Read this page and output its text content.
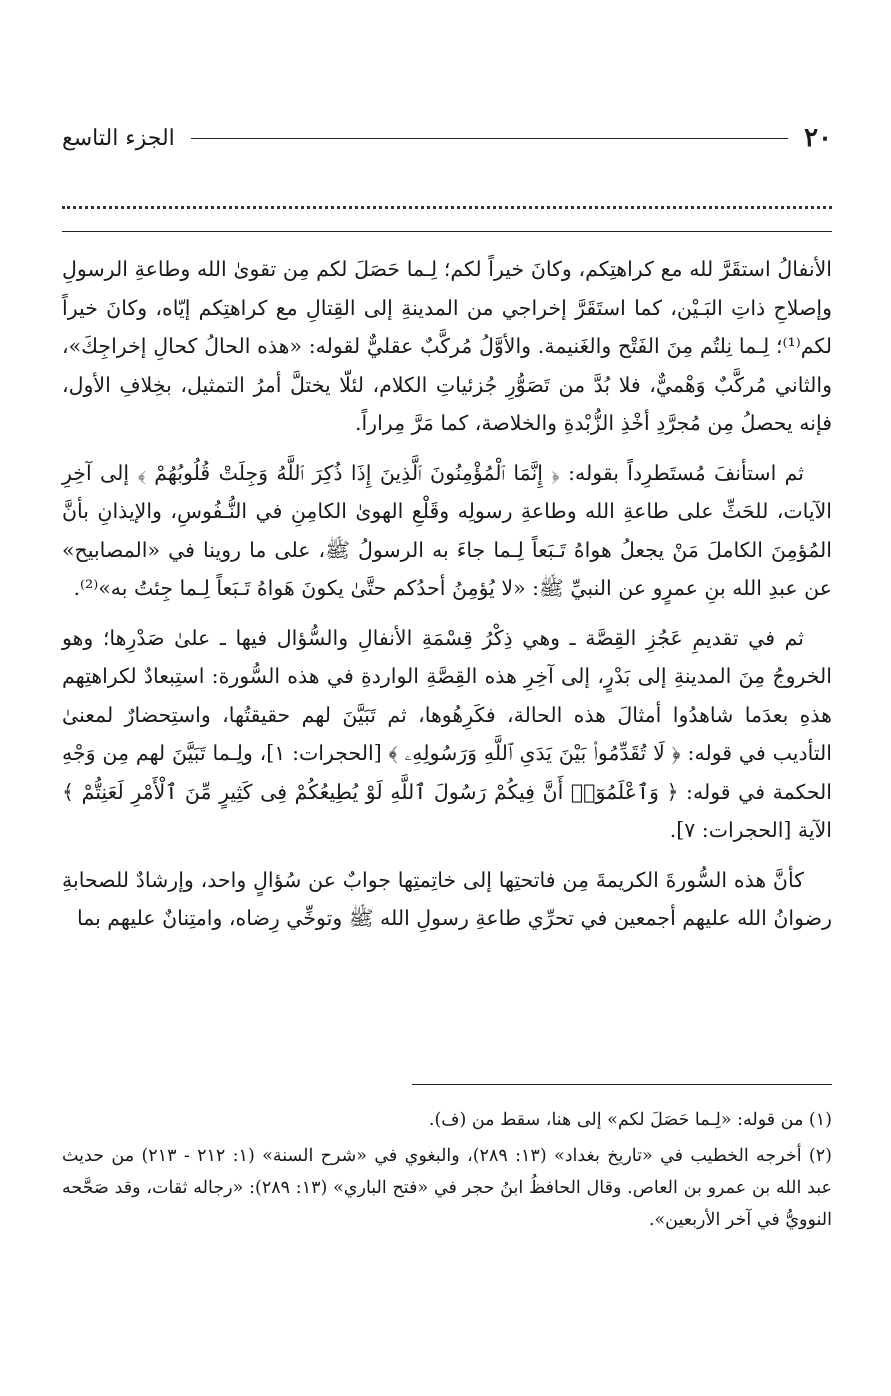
٢٠
الجزء التاسع

الأنفالُ استقَرَّ لله مع كراهتِكم، وكانَ خيراً لكم؛ لِـما حَصَلَ لكم مِن تقوىٰ الله وطاعةِ الرسولِ وإصلاحِ ذاتِ البَـيْن، كما استَقَرَّ إخراجي من المدينةِ إلى القِتالِ مع كراهتِكم إيّاه، وكانَ خيراً لكم⁽¹⁾؛ لِـما نِلتُم مِنَ الفَتْح والغَنيمة. والأوَّلُ مُركَّبٌ عقليٌّ لقوله: «هذه الحالُ كحالِ إخراجِكَ»، والثاني مُركَّبٌ وَهْميٌّ، فلا بُدَّ من تَصَوُّرِ جُزئياتِ الكلام، لئلّا يختلَّ أمرُ التمثيل، بخِلافِ الأول، فإنه يحصلُ مِن مُجرَّدِ أخْذِ الزُّبْدةِ والخلاصة، كما مَرَّ مِراراً.

ثم استأنفَ مُستَطرِداً بقوله: ﴿ إِنَّمَا ٱلْمُؤْمِنُونَ ٱلَّذِينَ إِذَا ذُكِرَ ٱللَّهُ وَجِلَتْ قُلُوبُهُمْ ﴾ إلى آخِرِ الآيات، للحَثِّ على طاعةِ الله وطاعةِ رسولِه وقَلْعِ الهوىٰ الكامِنِ في النُّـفُوسِ، والإيذانِ بأنَّ المُؤمِنَ الكاملَ مَنْ يجعلُ هواهُ تَـبَعاً لِـما جاءَ به الرسولُ ﷺ، على ما روينا في «المصابيح» عن عبدِ الله بنِ عمرٍو عن النبيِّ ﷺ: «لا يُؤمِنُ أحدُكم حتَّىٰ يكونَ هَواهُ تَـبَعاً لِـما جِئتُ به»⁽²⁾.

ثم في تقديمِ عَجُزِ القِصَّة ـ وهي ذِكْرُ قِسْمَةِ الأنفالِ والسُّؤال فيها ـ علىٰ صَدْرِها؛ وهو الخروجُ مِنَ المدينةِ إلى بَدْرٍ، إلى آخِرِ هذه القِصَّةِ الواردةِ في هذه السُّورة: استِبعادٌ لكراهتِهم هذهِ بعدَما شاهدُوا أمثالَ هذه الحالة، فكَرِهُوها، ثم تَبَيَّنَ لهم حقيقتُها، واستِحضارٌ لمعنىٰ التأديب في قوله: ﴿ لَا تُقَدِّمُوا۟ بَيْنَ يَدَىِ ٱللَّهِ وَرَسُولِهِۦ ﴾ [الحجرات: ١]، ولِـما تَبَيَّنَ لهم مِن وَجْهِ الحكمة في قوله: ﴿ وَٱعْلَمُوٓا۟ أَنَّ فِيكُمْ رَسُولَ ٱللَّهِ لَوْ يُطِيعُكُمْ فِى كَثِيرٍ مِّنَ ٱلْأَمْرِ لَعَنِتُّمْ ﴾ الآية [الحجرات: ٧].

كأنَّ هذه السُّورةَ الكريمةَ مِن فاتحتِها إلى خاتِمتِها جوابٌ عن سُؤالٍ واحد، وإرشادٌ للصحابةِ رضوانُ الله عليهم أجمعين في تحرِّي طاعةِ رسولِ الله ﷺ وتوخِّي رِضاه، وامتِنانٌ عليهم بما

(١) من قوله: «لِـما حَصَلَ لكم» إلى هنا، سقط من (ف).

(٢) أخرجه الخطيب في «تاريخ بغداد» (١٣: ٢٨٩)، والبغوي في «شرح السنة» (١: ٢١٢ - ٢١٣) من حديث عبد الله بن عمرو بن العاص. وقال الحافظُ ابنُ حجر في «فتح الباري» (١٣: ٢٨٩): «رجاله ثقات، وقد صَحَّحه النوويُّ في آخر الأربعين».
